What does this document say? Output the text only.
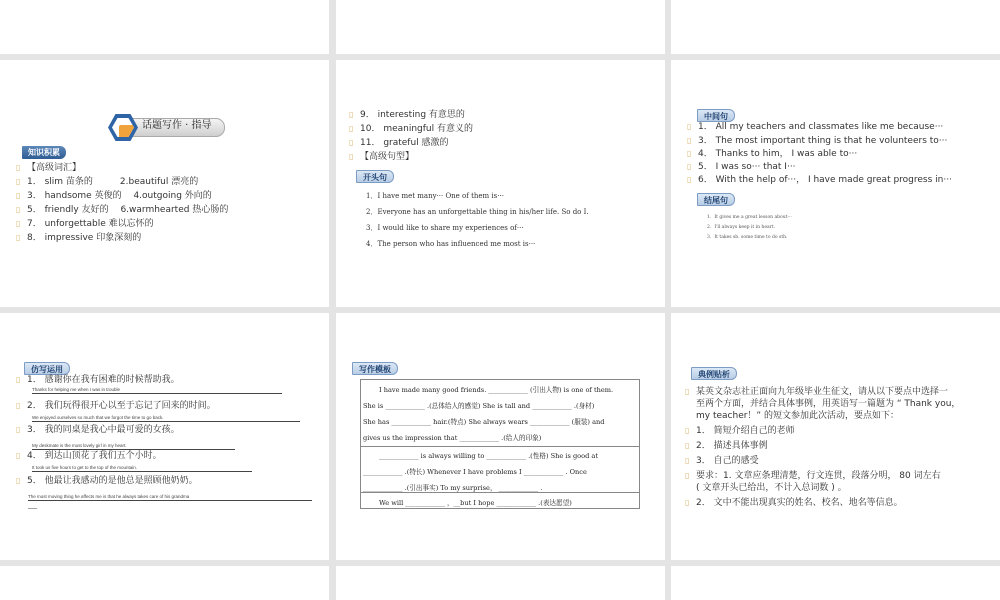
话题写作 · 指导
知识积累
▯ 【高级词汇】
▯ 1． slim 苗条的　　　2.beautiful 漂亮的
▯ 3． handsome 英俊的　 4.outgoing 外向的
▯ 5． friendly 友好的　 6.warmhearted 热心肠的
▯ 7． unforgettable 难以忘怀的
▯ 8． impressive 印象深刻的
▯ 9． interesting 有意思的
▯ 10． meaningful 有意义的
▯ 11． grateful 感激的
▯ 【高级句型】
开头句
1．I have met many··· One of them is···
2．Everyone has an unforgettable thing in his/her life. So do I.
3．I would like to share my experiences of···
4．The person who has influenced me most is···
中间句
▯ 1． All my teachers and classmates like me because···
▯ 3． The most important thing is that he volunteers to···
▯ 4． Thanks to him， I was able to···
▯ 5． I was so··· that I···
▯ 6． With the help of···， I have made great progress in···
结尾句
1．It gives me a great lesson about···
2．I'll always keep it in heart.
3．It takes sb. some time to do sth.
仿写运用
▯ 1． 感谢你在我有困难的时候帮助我。
Thanks for helping me when I was in trouble
▯ 2． 我们玩得很开心以至于忘记了回来的时间。
We enjoyed ourselves so much that we forgot the time to go back.
▯ 3． 我的同桌是我心中最可爱的女孩。
My deskmate is the most lovely girl in my heart.
▯ 4． 到达山顶花了我们五个小时。
It took us five hours to get to the top of the mountain.
▯ 5． 他最让我感动的是他总是照顾他奶奶。
The most moving thing he affects me is that he always takes care of his grandma
___
写作模板
I have made many good friends. ____________ (引出人物) is one of them.
She is ____________ .(总体给人的感觉) She is tall and ____________ .(身材)
She has ____________ hair.(特点) She always wears ____________ (服装) and
gives us the impression that ____________ .(给人的印象)
____________ is always willing to ____________ .(性格) She is good at
____________ .(特长) Whenever I have problems I ____________ . Once
____________ .(引出事实) To my surprise， ____________ .
We will ____________ ，__but I hope ____________ .(表达愿望)
典例贴析
▯ 某英文杂志社正面向九年级毕业生征文，请从以下要点中选择一
至两个方面，并结合具体事例，用英语写一篇题为 “ Thank you，
my teacher！” 的短文参加此次活动，要点如下：
▯ 1． 简短介绍自己的老师
▯ 2． 描述具体事例
▯ 3． 自己的感受
▯ 要求：1. 文章应条理清楚，行文连贯，段落分明， 80 词左右
( 文章开头已给出，不计入总词数 ) 。
▯ 2． 文中不能出现真实的姓名、校名、地名等信息。
